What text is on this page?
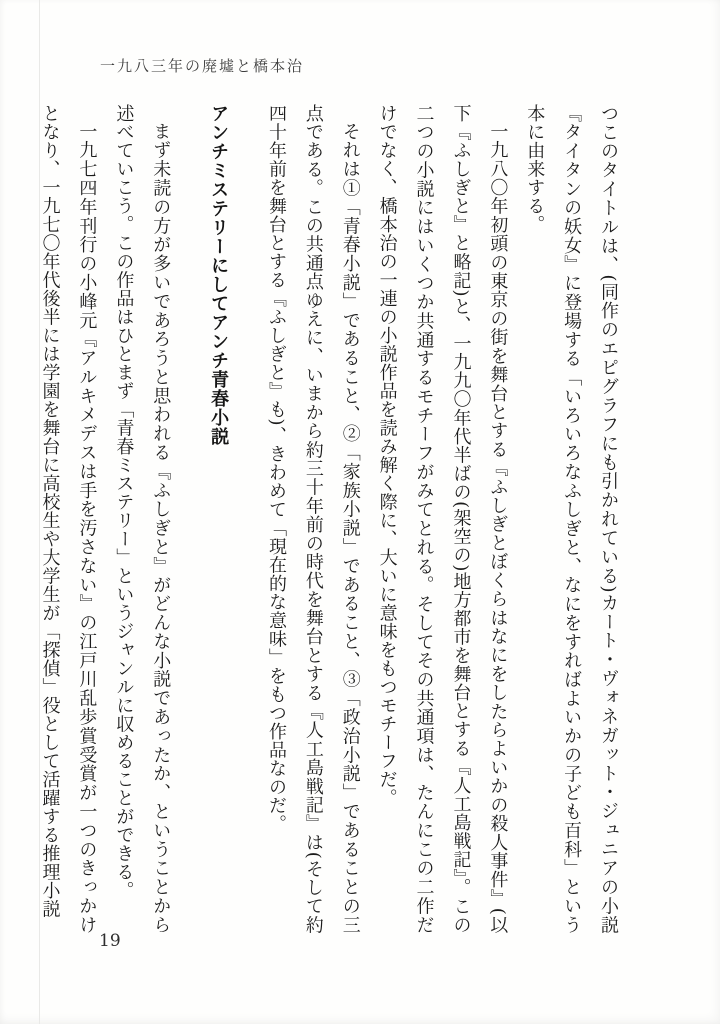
一九八三年の廃墟と橋本治

つこのタイトルは、(同作のエピグラフにも引かれている)カート・ヴォネガット・ジュニアの小説『タイタンの妖女』に登場する「いろいろなふしぎと、なにをすればよいかの子ども百科」という本に由来する。

一九八〇年初頭の東京の街を舞台とする『ふしぎとぼくらはなにをしたらよいかの殺人事件』(以下『ふしぎと』と略記)と、一九九〇年代半ばの(架空の)地方都市を舞台とする『人工島戦記』。この二つの小説にはいくつか共通するモチーフがみてとれる。そしてその共通項は、たんにこの二作だけでなく、橋本治の一連の小説作品を読み解く際に、大いに意味をもつモチーフだ。

それは①「青春小説」であること、②「家族小説」であること、③「政治小説」であることの三点である。この共通点ゆえに、いまから約三十年前の時代を舞台とする『人工島戦記』は(そして約四十年前を舞台とする『ふしぎと』も)、きわめて「現在的な意味」をもつ作品なのだ。

アンチミステリーにしてアンチ青春小説

まず未読の方が多いであろうと思われる『ふしぎと』がどんな小説であったか、ということから述べていこう。この作品はひとまず「青春ミステリー」というジャンルに収めることができる。

一九七四年刊行の小峰元『アルキメデスは手を汚さない』の江戸川乱歩賞受賞が一つのきっかけとなり、一九七〇年代後半には学園を舞台に高校生や大学生が「探偵」役として活躍する推理小説

19
